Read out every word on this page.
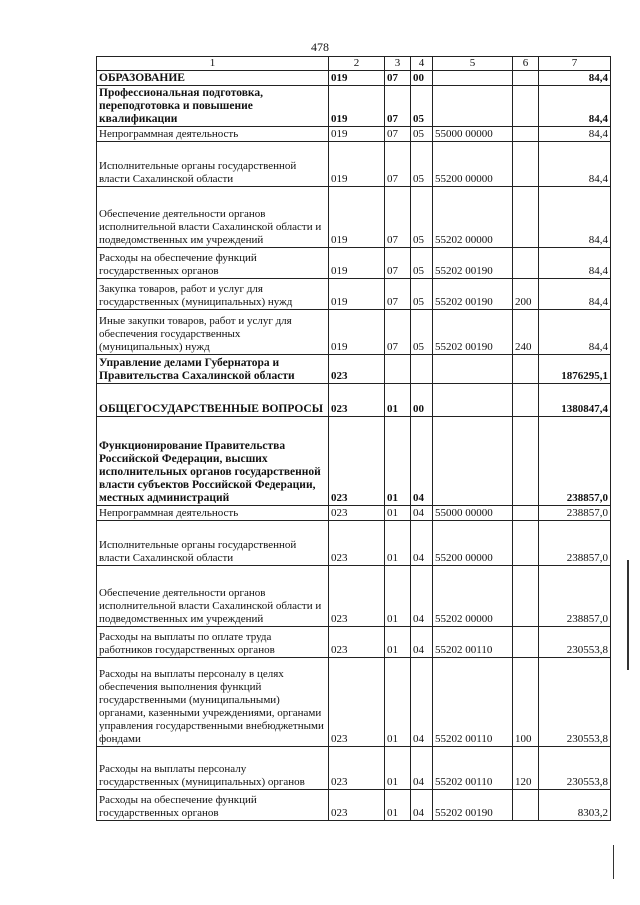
478
1	2	3	4	5	6	7
ОБРАЗОВАНИЕ	019	07	00			84,4
Профессиональная подготовка, переподготовка и повышение квалификации	019	07	05			84,4
Непрограммная деятельность	019	07	05	55000 00000		84,4
Исполнительные органы государственной власти Сахалинской области	019	07	05	55200 00000		84,4
Обеспечение деятельности органов исполнительной власти Сахалинской области и подведомственных им учреждений	019	07	05	55202 00000		84,4
Расходы на обеспечение функций государственных органов	019	07	05	55202 00190		84,4
Закупка товаров, работ и услуг для государственных (муниципальных) нужд	019	07	05	55202 00190	200	84,4
Иные закупки товаров, работ и услуг для обеспечения государственных (муниципальных) нужд	019	07	05	55202 00190	240	84,4
Управление делами Губернатора и Правительства Сахалинской области	023					1876295,1
ОБЩЕГОСУДАРСТВЕННЫЕ ВОПРОСЫ	023	01	00			1380847,4
Функционирование Правительства Российской Федерации, высших исполнительных органов государственной власти субъектов Российской Федерации, местных администраций	023	01	04			238857,0
Непрограммная деятельность	023	01	04	55000 00000		238857,0
Исполнительные органы государственной власти Сахалинской области	023	01	04	55200 00000		238857,0
Обеспечение деятельности органов исполнительной власти Сахалинской области и подведомственных им учреждений	023	01	04	55202 00000		238857,0
Расходы на выплаты по оплате труда работников государственных органов	023	01	04	55202 00110		230553,8
Расходы на выплаты персоналу в целях обеспечения выполнения функций государственными (муниципальными) органами, казенными учреждениями, органами управления государственными внебюджетными фондами	023	01	04	55202 00110	100	230553,8
Расходы на выплаты персоналу государственных (муниципальных) органов	023	01	04	55202 00110	120	230553,8
Расходы на обеспечение функций государственных органов	023	01	04	55202 00190		8303,2
